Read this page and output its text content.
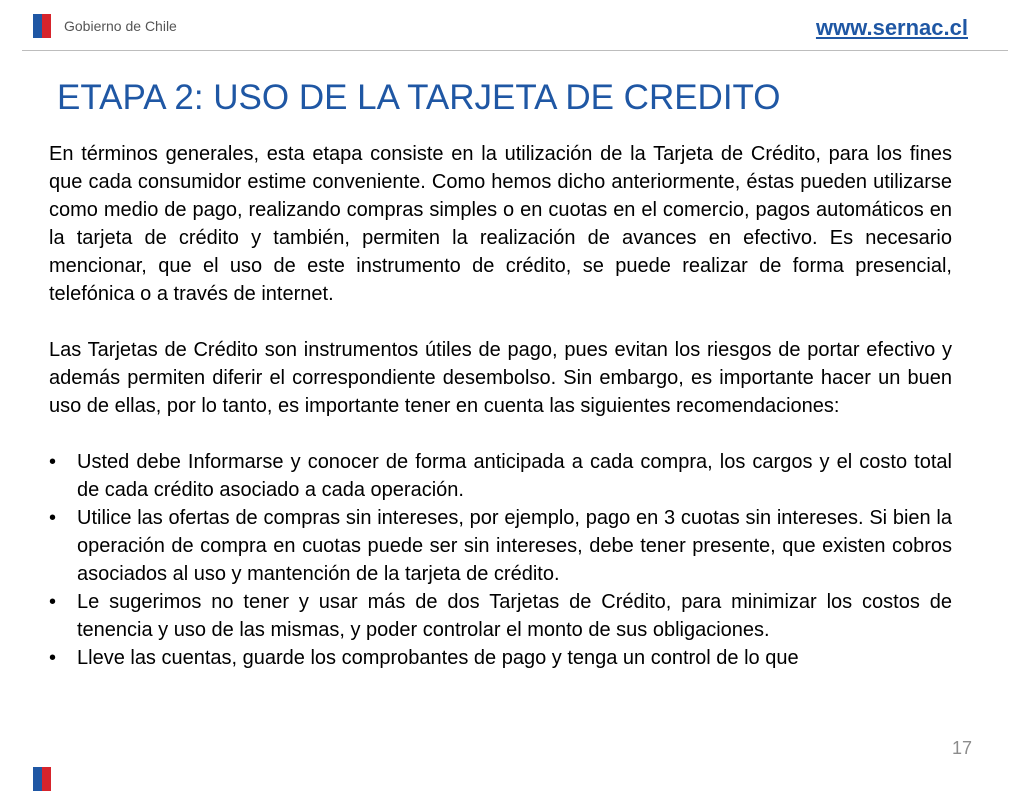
Gobierno de Chile	www.sernac.cl
ETAPA 2: USO DE LA TARJETA DE CREDITO

En términos generales, esta etapa consiste en la utilización de la Tarjeta de Crédito, para los fines que cada consumidor estime conveniente. Como hemos dicho anteriormente, éstas pueden utilizarse como medio de pago, realizando compras simples o en cuotas en el comercio, pagos automáticos en la tarjeta de crédito y también, permiten la realización de avances en efectivo. Es necesario mencionar, que el uso de este instrumento de crédito, se puede realizar de forma presencial, telefónica o a través de internet.

Las Tarjetas de Crédito son instrumentos útiles de pago, pues evitan los riesgos de portar efectivo y además permiten diferir el correspondiente desembolso. Sin embargo, es importante hacer un buen uso de ellas, por lo tanto, es importante tener en cuenta las siguientes recomendaciones:

• Usted debe Informarse y conocer de forma anticipada a cada compra, los cargos y el costo total de cada crédito asociado a cada operación.
• Utilice las ofertas de compras sin intereses, por ejemplo, pago en 3 cuotas sin intereses. Si bien la operación de compra en cuotas puede ser sin intereses, debe tener presente, que existen cobros asociados al uso y mantención de la tarjeta de crédito.
• Le sugerimos no tener y usar más de dos Tarjetas de Crédito, para minimizar los costos de tenencia y uso de las mismas, y poder controlar el monto de sus obligaciones.
• Lleve las cuentas, guarde los comprobantes de pago y tenga un control de lo que
17
